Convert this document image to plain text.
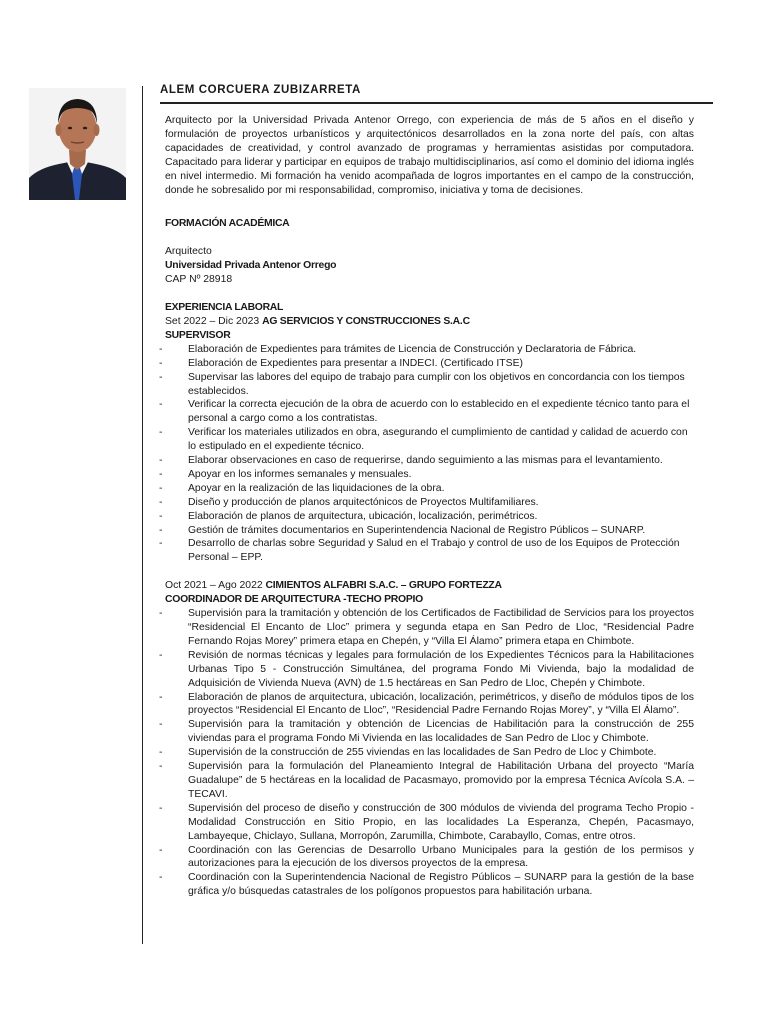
ALEM CORCUERA ZUBIZARRETA

Arquitecto por la Universidad Privada Antenor Orrego, con experiencia de más de 5 años en el diseño y formulación de proyectos urbanísticos y arquitectónicos desarrollados en la zona norte del país, con altas capacidades de creatividad, y control avanzado de programas y herramientas asistidas por computadora. Capacitado para liderar y participar en equipos de trabajo multidisciplinarios, así como el dominio del idioma inglés en nivel intermedio. Mi formación ha venido acompañada de logros importantes en el campo de la construcción, donde he sobresalido por mi responsabilidad, compromiso, iniciativa y toma de decisiones.

FORMACIÓN ACADÉMICA
Arquitecto
Universidad Privada Antenor Orrego
CAP Nº 28918
EXPERIENCIA LABORAL
Set 2022 – Dic 2023 AG SERVICIOS Y CONSTRUCCIONES S.A.C
SUPERVISOR
- Elaboración de Expedientes para trámites de Licencia de Construcción y Declaratoria de Fábrica.
- Elaboración de Expedientes para presentar a INDECI. (Certificado ITSE)
- Supervisar las labores del equipo de trabajo para cumplir con los objetivos en concordancia con los tiempos establecidos.
- Verificar la correcta ejecución de la obra de acuerdo con lo establecido en el expediente técnico tanto para el personal a cargo como a los contratistas.
- Verificar los materiales utilizados en obra, asegurando el cumplimiento de cantidad y calidad de acuerdo con lo estipulado en el expediente técnico.
- Elaborar observaciones en caso de requerirse, dando seguimiento a las mismas para el levantamiento.
- Apoyar en los informes semanales y mensuales.
- Apoyar en la realización de las liquidaciones de la obra.
- Diseño y producción de planos arquitectónicos de Proyectos Multifamiliares.
- Elaboración de planos de arquitectura, ubicación, localización, perimétricos.
- Gestión de trámites documentarios en Superintendencia Nacional de Registro Públicos – SUNARP.
- Desarrollo de charlas sobre Seguridad y Salud en el Trabajo y control de uso de los Equipos de Protección Personal – EPP.
Oct 2021 – Ago 2022 CIMIENTOS ALFABRI S.A.C. – GRUPO FORTEZZA
COORDINADOR DE ARQUITECTURA -TECHO PROPIO
- Supervisión para la tramitación y obtención de los Certificados de Factibilidad de Servicios para los proyectos “Residencial El Encanto de Lloc” primera y segunda etapa en San Pedro de Lloc, “Residencial Padre Fernando Rojas Morey” primera etapa en Chepén, y “Villa El Álamo” primera etapa en Chimbote.
- Revisión de normas técnicas y legales para formulación de los Expedientes Técnicos para la Habilitaciones Urbanas Tipo 5 - Construcción Simultánea, del programa Fondo Mi Vivienda, bajo la modalidad de Adquisición de Vivienda Nueva (AVN) de 1.5 hectáreas en San Pedro de Lloc, Chepén y Chimbote.
- Elaboración de planos de arquitectura, ubicación, localización, perimétricos, y diseño de módulos tipos de los proyectos “Residencial El Encanto de Lloc”, “Residencial Padre Fernando Rojas Morey”, y “Villa El Álamo”.
- Supervisión para la tramitación y obtención de Licencias de Habilitación para la construcción de 255 viviendas para el programa Fondo Mi Vivienda en las localidades de San Pedro de Lloc y Chimbote.
- Supervisión de la construcción de 255 viviendas en las localidades de San Pedro de Lloc y Chimbote.
- Supervisión para la formulación del Planeamiento Integral de Habilitación Urbana del proyecto “María Guadalupe” de 5 hectáreas en la localidad de Pacasmayo, promovido por la empresa Técnica Avícola S.A. – TECAVI.
- Supervisión del proceso de diseño y construcción de 300 módulos de vivienda del programa Techo Propio - Modalidad Construcción en Sitio Propio, en las localidades La Esperanza, Chepén, Pacasmayo, Lambayeque, Chiclayo, Sullana, Morropón, Zarumilla, Chimbote, Carabayllo, Comas, entre otros.
- Coordinación con las Gerencias de Desarrollo Urbano Municipales para la gestión de los permisos y autorizaciones para la ejecución de los diversos proyectos de la empresa.
- Coordinación con la Superintendencia Nacional de Registro Públicos – SUNARP para la gestión de la base gráfica y/o búsquedas catastrales de los polígonos propuestos para habilitación urbana.
